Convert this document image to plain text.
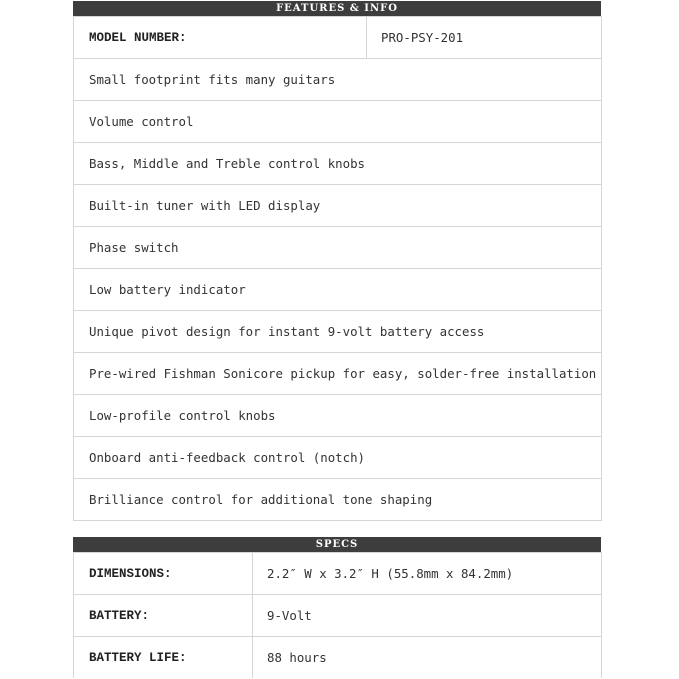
FEATURES & INFO
MODEL NUMBER:	PRO-PSY-201
Small footprint fits many guitars
Volume control
Bass, Middle and Treble control knobs
Built-in tuner with LED display
Phase switch
Low battery indicator
Unique pivot design for instant 9-volt battery access
Pre-wired Fishman Sonicore pickup for easy, solder-free installation
Low-profile control knobs
Onboard anti-feedback control (notch)
Brilliance control for additional tone shaping
SPECS
DIMENSIONS:	2.2″ W x 3.2″ H (55.8mm x 84.2mm)
BATTERY:	9-Volt
BATTERY LIFE:	88 hours
